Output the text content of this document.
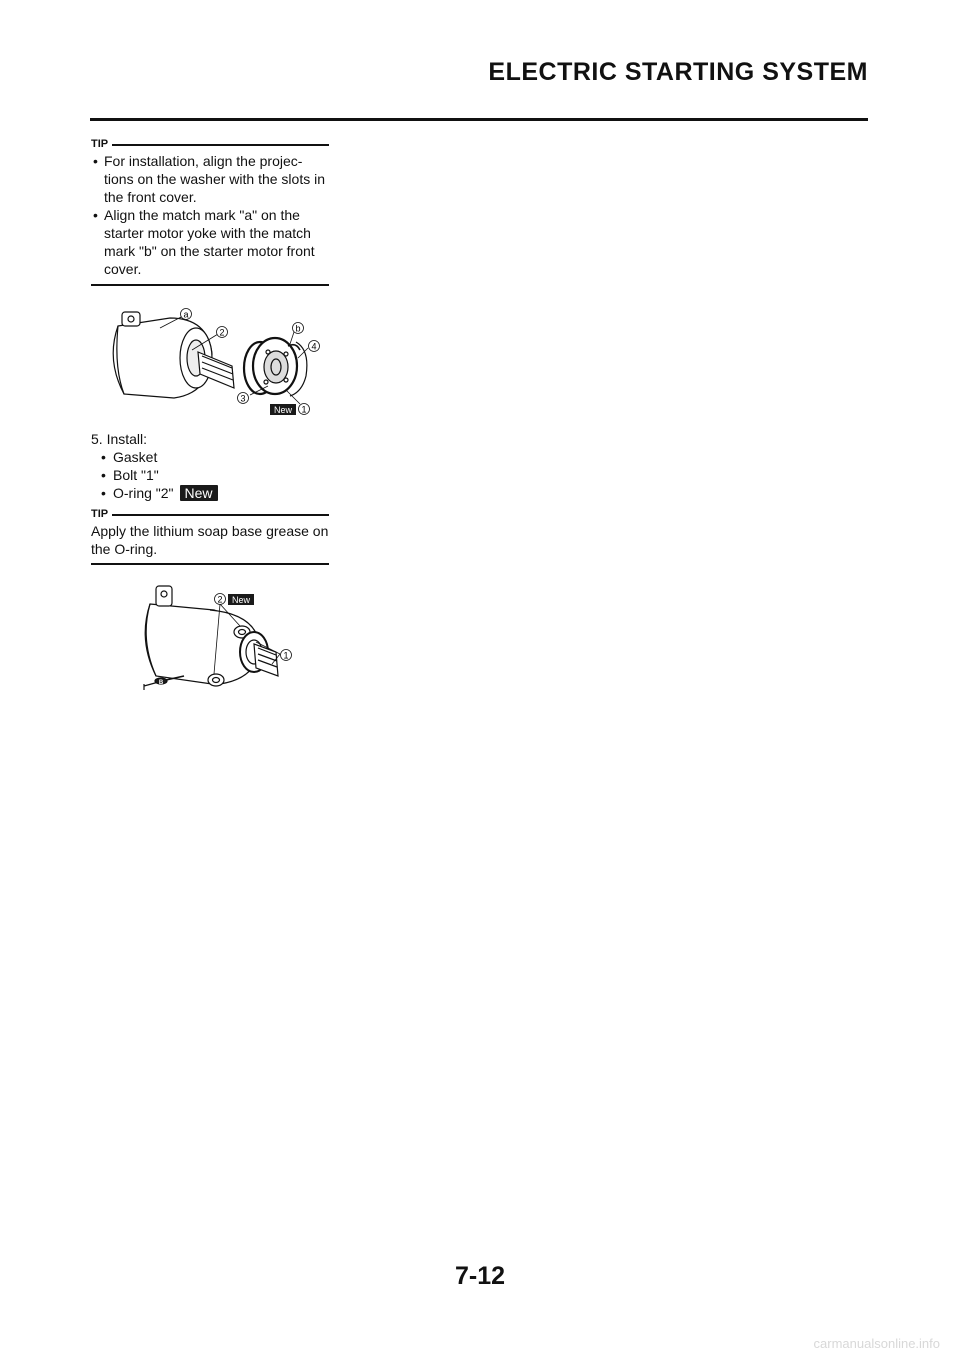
ELECTRIC STARTING SYSTEM
TIP
• For installation, align the projec-tions on the washer with the slots in the front cover.
• Align the match mark "a" on the starter motor yoke with the match mark "b" on the starter motor front cover.
a
2	b
4
3
New 1
5. Install:
• Gasket
• Bolt "1"
• O-ring "2" New
TIP
Apply the lithium soap base grease on the O-ring.
B
2 New
1
7-12
carmanualsonline.info
